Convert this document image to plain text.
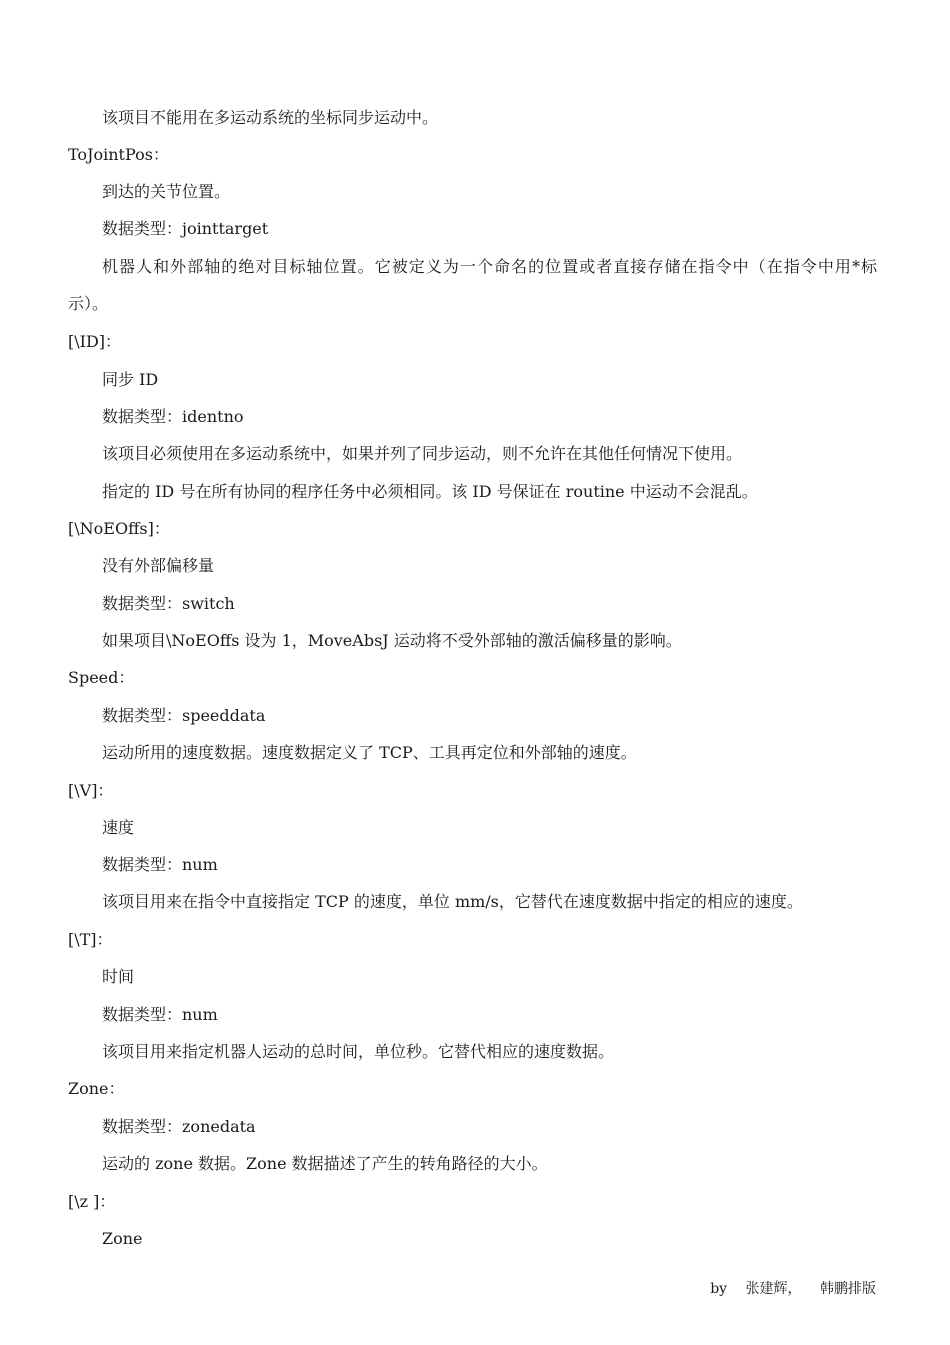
该项目不能用在多运动系统的坐标同步运动中。

ToJointPos：

到达的关节位置。

数据类型：jointtarget

机器人和外部轴的绝对目标轴位置。它被定义为一个命名的位置或者直接存储在指令中（在指令中用*标

示）。

[\ID]：

同步 ID

数据类型：identno

该项目必须使用在多运动系统中，如果并列了同步运动，则不允许在其他任何情况下使用。

指定的 ID 号在所有协同的程序任务中必须相同。该 ID 号保证在 routine 中运动不会混乱。

[\NoEOffs]：

没有外部偏移量

数据类型：switch

如果项目\NoEOffs 设为 1，MoveAbsJ 运动将不受外部轴的激活偏移量的影响。

Speed：

数据类型：speeddata

运动所用的速度数据。速度数据定义了 TCP、工具再定位和外部轴的速度。

[\V]：

速度

数据类型：num

该项目用来在指令中直接指定 TCP 的速度，单位 mm/s，它替代在速度数据中指定的相应的速度。

[\T]：

时间

数据类型：num

该项目用来指定机器人运动的总时间，单位秒。它替代相应的速度数据。

Zone：

数据类型：zonedata

运动的 zone 数据。Zone 数据描述了产生的转角路径的大小。

[\z ]：

Zone

by 张建辉， 韩鹏排版
